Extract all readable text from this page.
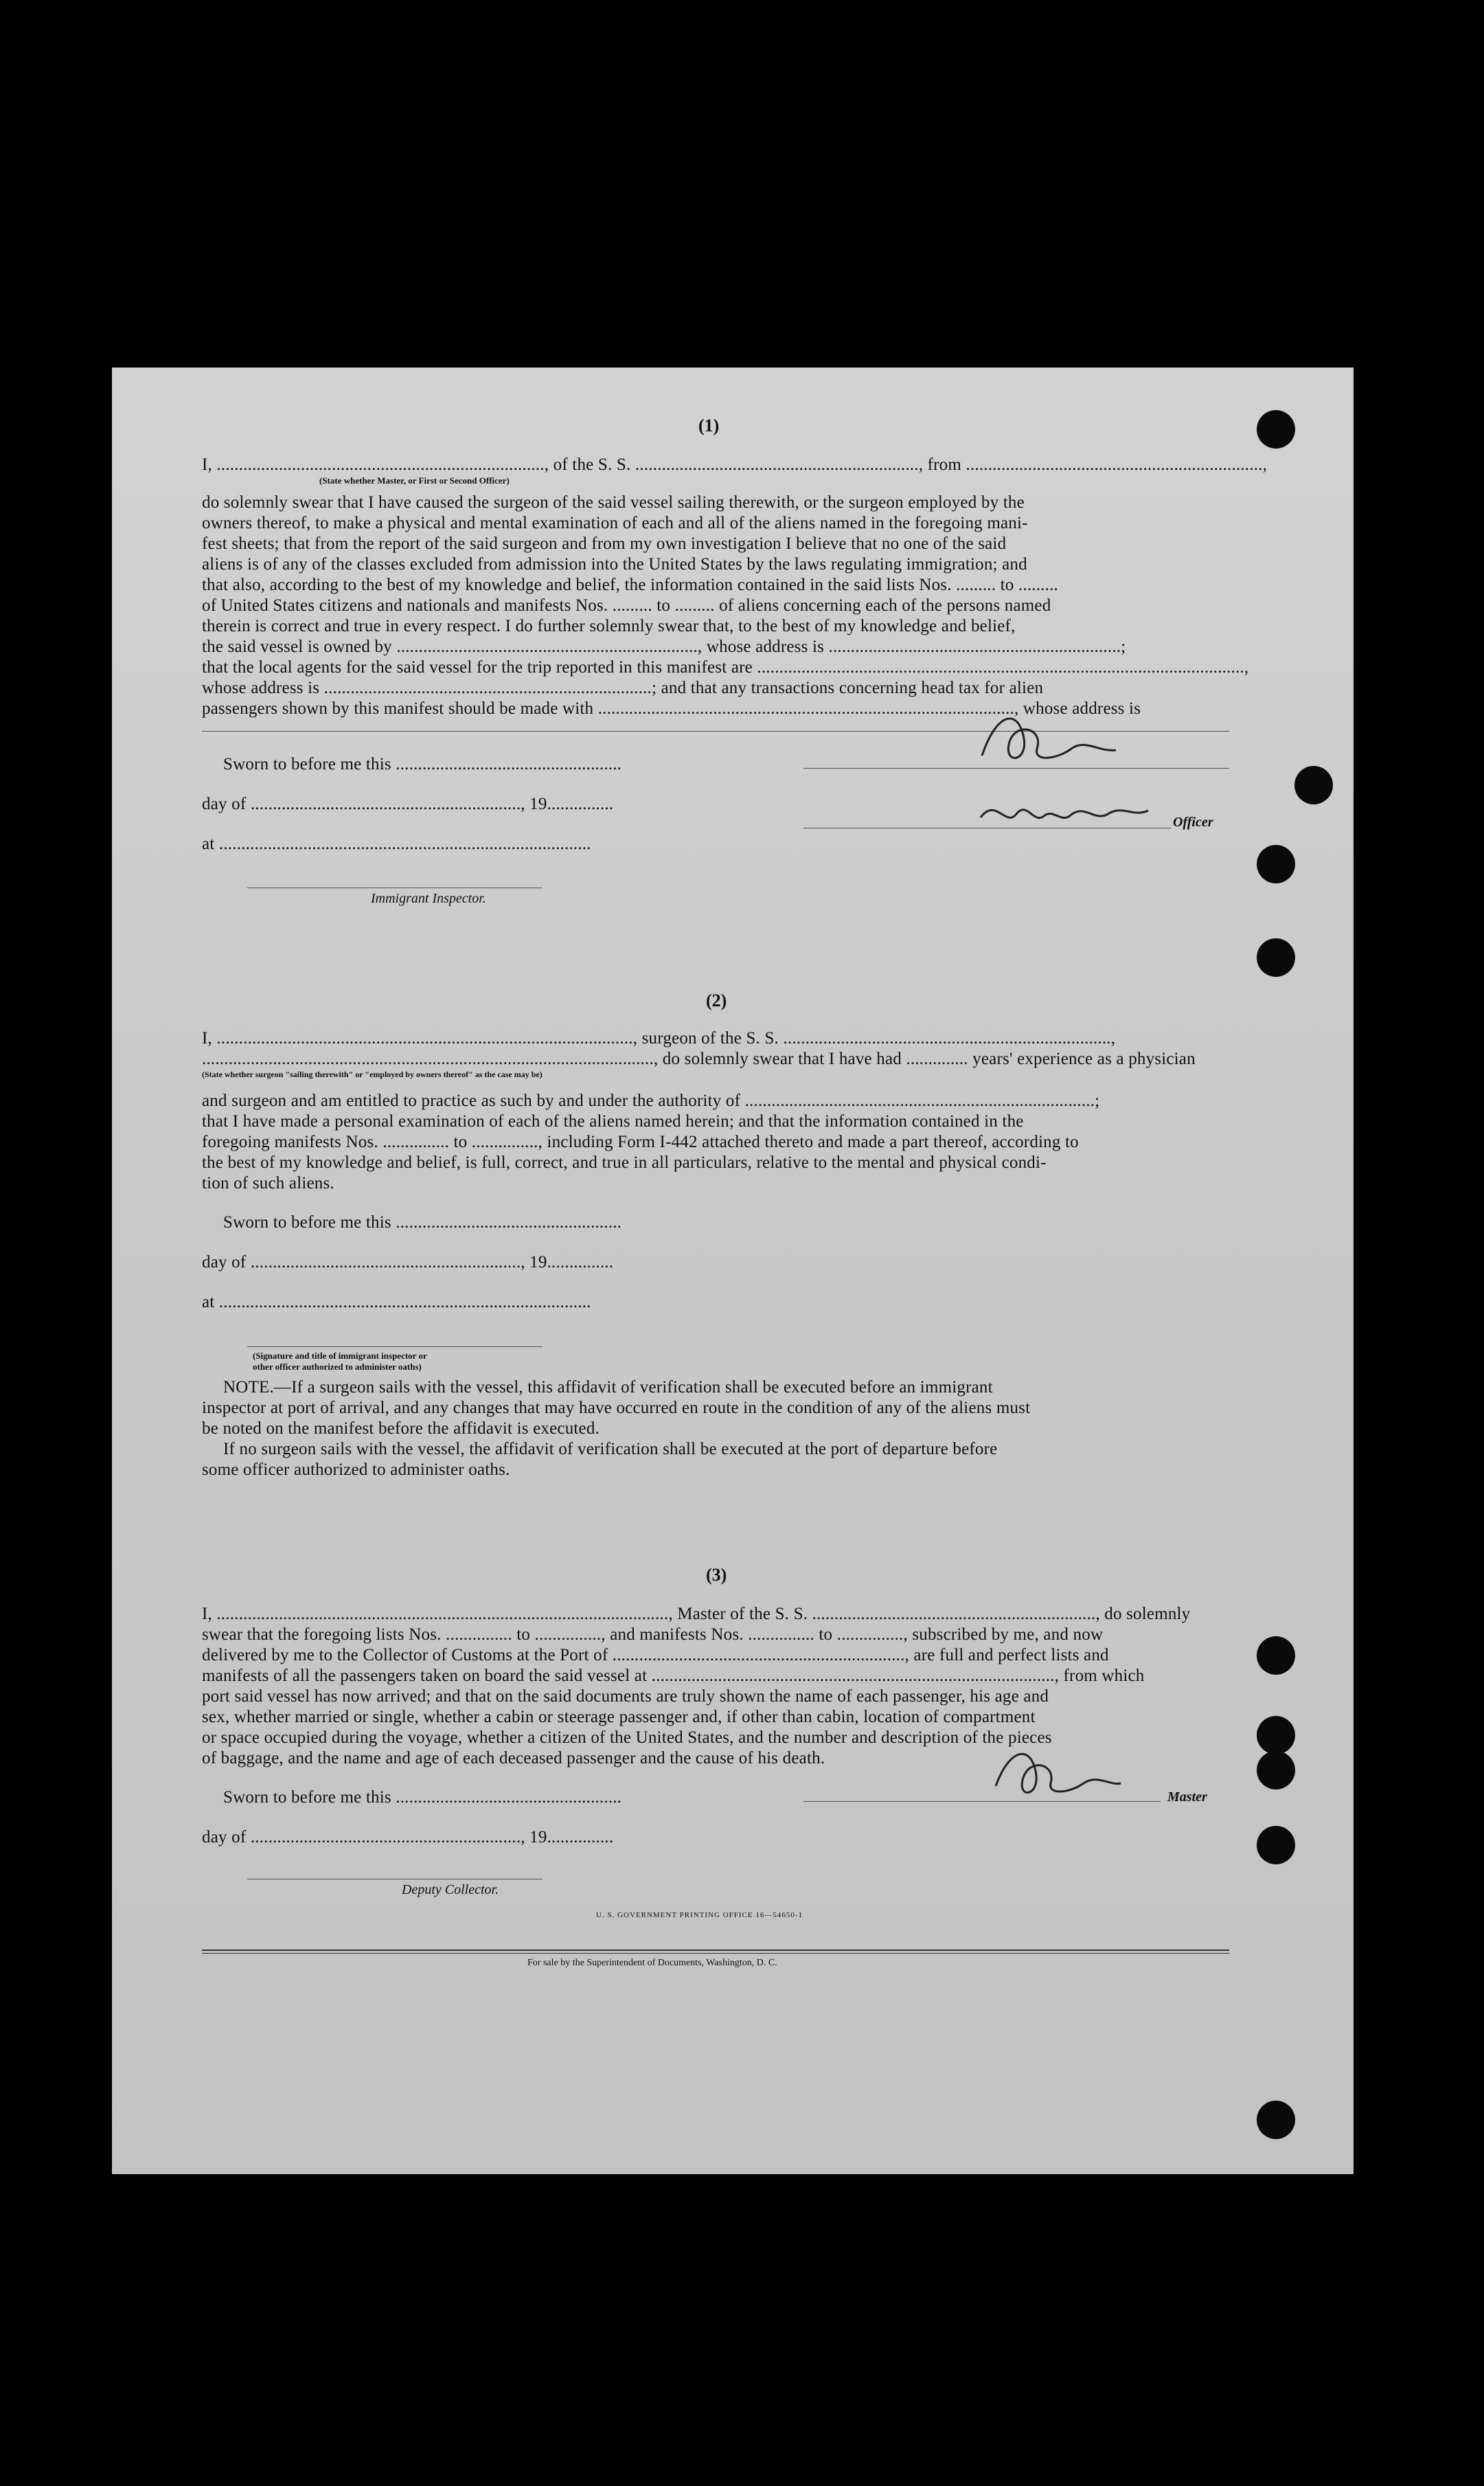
(1)
I, .........................................................................., of the S. S. ................................................................, from ...................................................................,
(State whether Master, or First or Second Officer)
do solemnly swear that I have caused the surgeon of the said vessel sailing therewith, or the surgeon employed by the
owners thereof, to make a physical and mental examination of each and all of the aliens named in the foregoing mani-
fest sheets; that from the report of the said surgeon and from my own investigation I believe that no one of the said
aliens is of any of the classes excluded from admission into the United States by the laws regulating immigration; and
that also, according to the best of my knowledge and belief, the information contained in the said lists Nos. ......... to .........
of United States citizens and nationals and manifests Nos. ......... to ......... of aliens concerning each of the persons named
therein is correct and true in every respect. I do further solemnly swear that, to the best of my knowledge and belief,
the said vessel is owned by ...................................................................., whose address is ..................................................................;
that the local agents for the said vessel for the trip reported in this manifest are ..............................................................................................................,
whose address is ..........................................................................; and that any transactions concerning head tax for alien
passengers shown by this manifest should be made with .............................................................................................., whose address is
Sworn to before me this ...................................................
day of ............................................................., 19...............
at ....................................................................................
Immigrant Inspector.
Officer
(2)
I, .............................................................................................., surgeon of the S. S. ..........................................................................,
......................................................................................................, do solemnly swear that I have had .............. years' experience as a physician
(State whether surgeon "sailing therewith" or "employed by owners thereof" as the case may be)
and surgeon and am entitled to practice as such by and under the authority of ...............................................................................;
that I have made a personal examination of each of the aliens named herein; and that the information contained in the
foregoing manifests Nos. ............... to ..............., including Form I-442 attached thereto and made a part thereof, according to
the best of my knowledge and belief, is full, correct, and true in all particulars, relative to the mental and physical condi-
tion of such aliens.
Sworn to before me this ...................................................
day of ............................................................., 19...............
at ....................................................................................
(Signature and title of immigrant inspector or
other officer authorized to administer oaths)
NOTE.—If a surgeon sails with the vessel, this affidavit of verification shall be executed before an immigrant
inspector at port of arrival, and any changes that may have occurred en route in the condition of any of the aliens must
be noted on the manifest before the affidavit is executed.
If no surgeon sails with the vessel, the affidavit of verification shall be executed at the port of departure before
some officer authorized to administer oaths.
(3)
I, ......................................................................................................, Master of the S. S. ................................................................, do solemnly
swear that the foregoing lists Nos. ............... to ..............., and manifests Nos. ............... to ..............., subscribed by me, and now
delivered by me to the Collector of Customs at the Port of .................................................................., are full and perfect lists and
manifests of all the passengers taken on board the said vessel at ..........................................................................................., from which
port said vessel has now arrived; and that on the said documents are truly shown the name of each passenger, his age and
sex, whether married or single, whether a cabin or steerage passenger and, if other than cabin, location of compartment
or space occupied during the voyage, whether a citizen of the United States, and the number and description of the pieces
of baggage, and the name and age of each deceased passenger and the cause of his death.
Sworn to before me this ...................................................
day of ............................................................., 19...............
Deputy Collector.
Master
U. S. GOVERNMENT PRINTING OFFICE 16—54650-1
For sale by the Superintendent of Documents, Washington, D. C.
